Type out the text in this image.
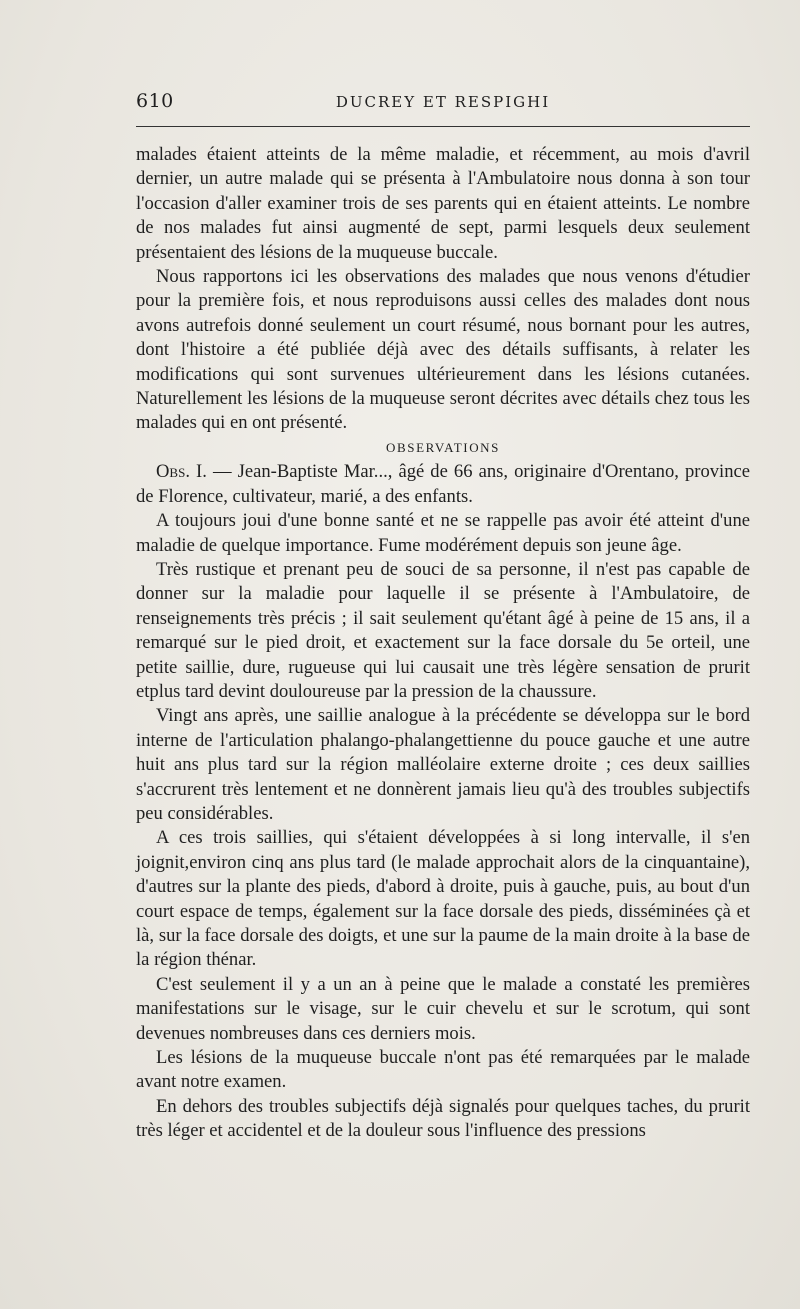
610	DUCREY ET RESPIGHI

malades étaient atteints de la même maladie, et récemment, au mois d'avril dernier, un autre malade qui se présenta à l'Ambulatoire nous donna à son tour l'occasion d'aller examiner trois de ses parents qui en étaient atteints. Le nombre de nos malades fut ainsi augmenté de sept, parmi lesquels deux seulement présentaient des lésions de la muqueuse buccale.

Nous rapportons ici les observations des malades que nous venons d'étudier pour la première fois, et nous reproduisons aussi celles des malades dont nous avons autrefois donné seulement un court résumé, nous bornant pour les autres, dont l'histoire a été publiée déjà avec des détails suffisants, à relater les modifications qui sont survenues ultérieurement dans les lésions cutanées. Naturellement les lésions de la muqueuse seront décrites avec détails chez tous les malades qui en ont présenté.

OBSERVATIONS

Obs. I. — Jean-Baptiste Mar..., âgé de 66 ans, originaire d'Orentano, province de Florence, cultivateur, marié, a des enfants.

A toujours joui d'une bonne santé et ne se rappelle pas avoir été atteint d'une maladie de quelque importance. Fume modérément depuis son jeune âge.

Très rustique et prenant peu de souci de sa personne, il n'est pas capable de donner sur la maladie pour laquelle il se présente à l'Ambulatoire, de renseignements très précis ; il sait seulement qu'étant âgé à peine de 15 ans, il a remarqué sur le pied droit, et exactement sur la face dorsale du 5e orteil, une petite saillie, dure, rugueuse qui lui causait une très légère sensation de prurit etplus tard devint douloureuse par la pression de la chaussure.

Vingt ans après, une saillie analogue à la précédente se développa sur le bord interne de l'articulation phalango-phalangettienne du pouce gauche et une autre huit ans plus tard sur la région malléolaire externe droite ; ces deux saillies s'accrurent très lentement et ne donnèrent jamais lieu qu'à des troubles subjectifs peu considérables.

A ces trois saillies, qui s'étaient développées à si long intervalle, il s'en joignit,environ cinq ans plus tard (le malade approchait alors de la cinquantaine), d'autres sur la plante des pieds, d'abord à droite, puis à gauche, puis, au bout d'un court espace de temps, également sur la face dorsale des pieds, disséminées çà et là, sur la face dorsale des doigts, et une sur la paume de la main droite à la base de la région thénar.

C'est seulement il y a un an à peine que le malade a constaté les premières manifestations sur le visage, sur le cuir chevelu et sur le scrotum, qui sont devenues nombreuses dans ces derniers mois.

Les lésions de la muqueuse buccale n'ont pas été remarquées par le malade avant notre examen.

En dehors des troubles subjectifs déjà signalés pour quelques taches, du prurit très léger et accidentel et de la douleur sous l'influence des pressions
